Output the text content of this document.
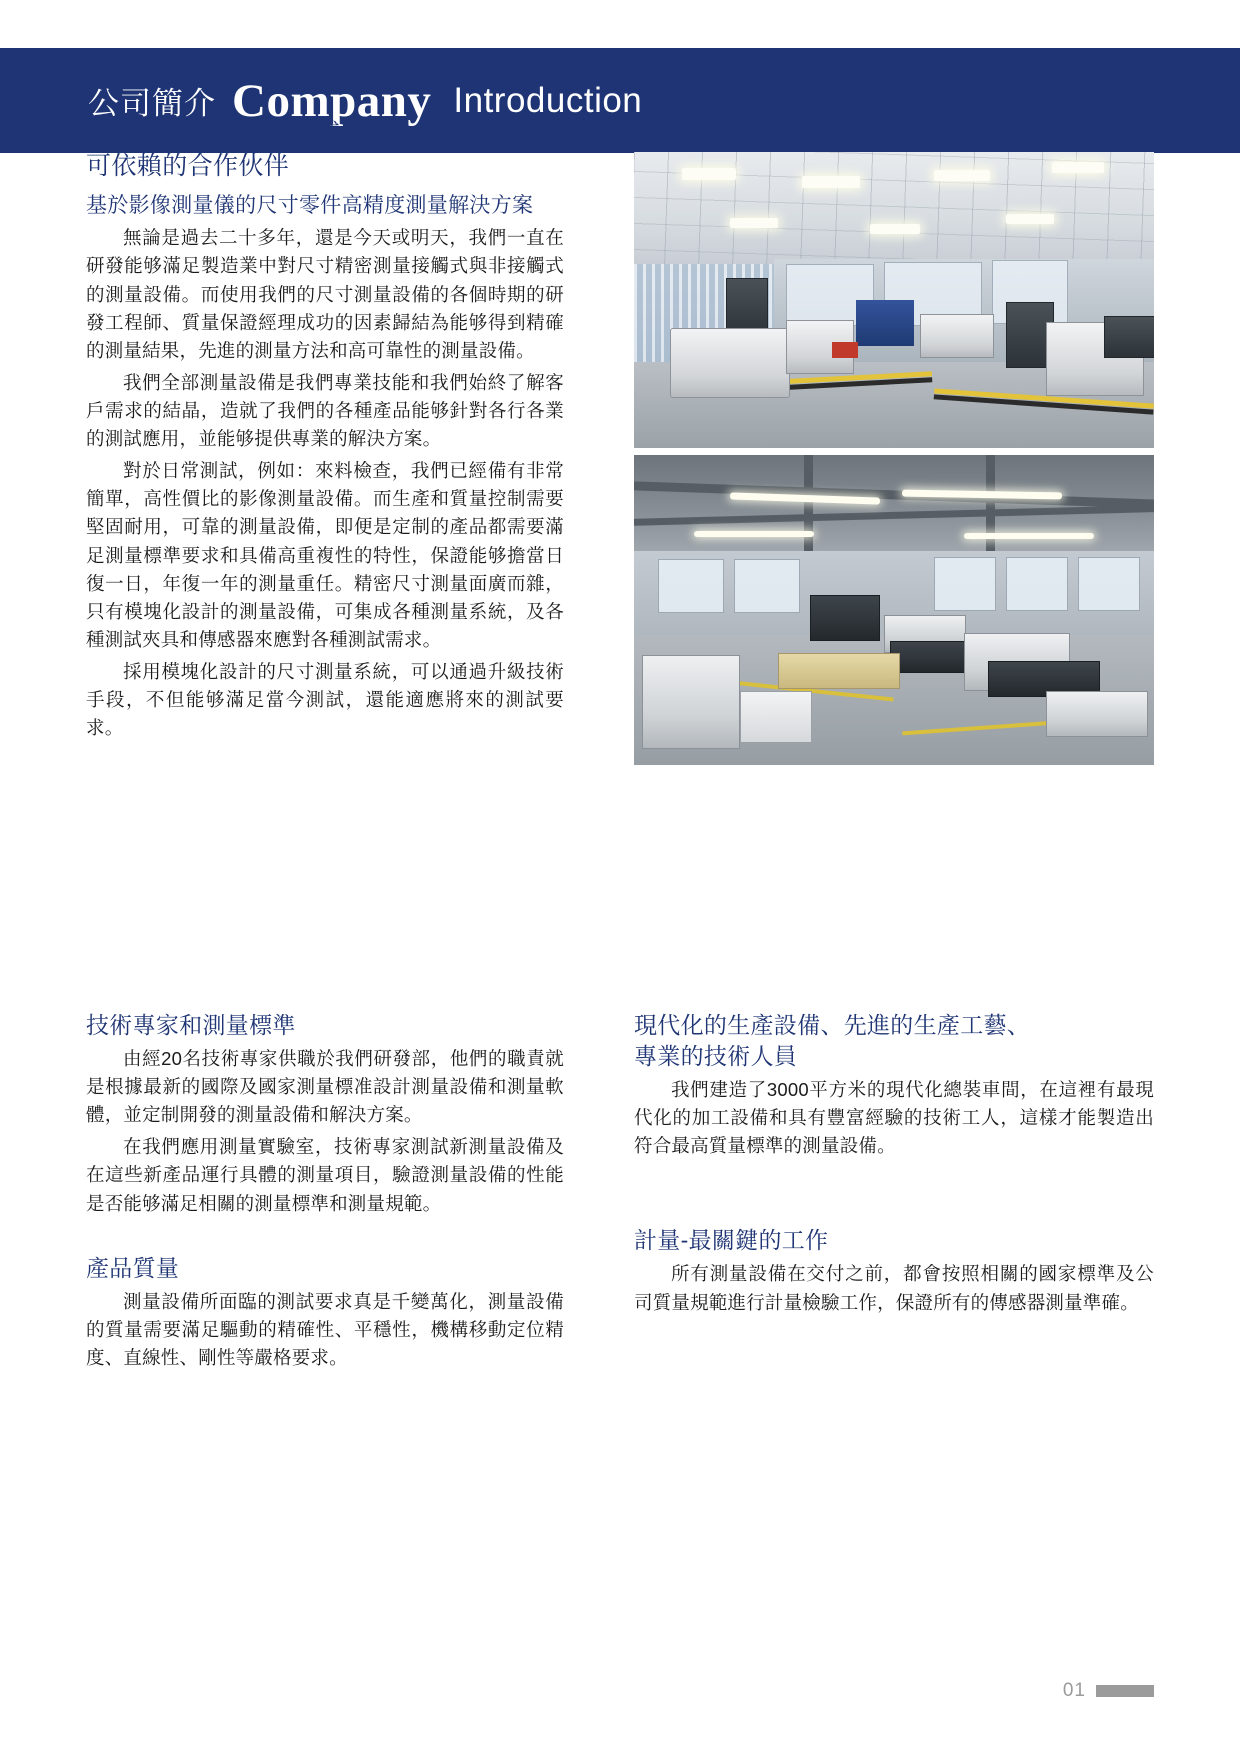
公司簡介 Company Introduction
產品質量尺寸管控領域
可依賴的合作伙伴
基於影像測量儀的尺寸零件高精度測量解決方案

無論是過去二十多年，還是今天或明天，我們一直在研發能够滿足製造業中對尺寸精密測量接觸式與非接觸式的測量設備。而使用我們的尺寸測量設備的各個時期的研發工程師、質量保證經理成功的因素歸結為能够得到精確的測量結果，先進的測量方法和高可靠性的測量設備。

我們全部測量設備是我們專業技能和我們始終了解客戶需求的結晶，造就了我們的各種產品能够針對各行各業的測試應用，並能够提供專業的解決方案。

對於日常測試，例如：來料檢查，我們已經備有非常簡單，高性價比的影像測量設備。而生產和質量控制需要堅固耐用，可靠的測量設備，即便是定制的產品都需要滿足測量標準要求和具備高重複性的特性，保證能够擔當日復一日，年復一年的測量重任。精密尺寸測量面廣而雜，只有模塊化設計的測量設備，可集成各種測量系統，及各種測試夾具和傳感器來應對各種測試需求。

採用模塊化設計的尺寸測量系統，可以通過升級技術手段，不但能够滿足當今測試，還能適應將來的測試要求。

技術專家和測量標準

由經20名技術專家供職於我們研發部，他們的職責就是根據最新的國際及國家測量標准設計測量設備和測量軟體，並定制開發的測量設備和解決方案。

在我們應用測量實驗室，技術專家測試新測量設備及在這些新產品運行具體的測量項目，驗證測量設備的性能是否能够滿足相關的測量標準和測量規範。

產品質量

測量設備所面臨的測試要求真是千變萬化，測量設備的質量需要滿足驅動的精確性、平穩性，機構移動定位精度、直線性、剛性等嚴格要求。

現代化的生產設備、先進的生產工藝、
專業的技術人員

我們建造了3000平方米的現代化總裝車間，在這裡有最現代化的加工設備和具有豐富經驗的技術工人，這樣才能製造出符合最高質量標準的測量設備。

計量-最關鍵的工作

所有測量設備在交付之前，都會按照相關的國家標準及公司質量規範進行計量檢驗工作，保證所有的傳感器測量準確。

01
